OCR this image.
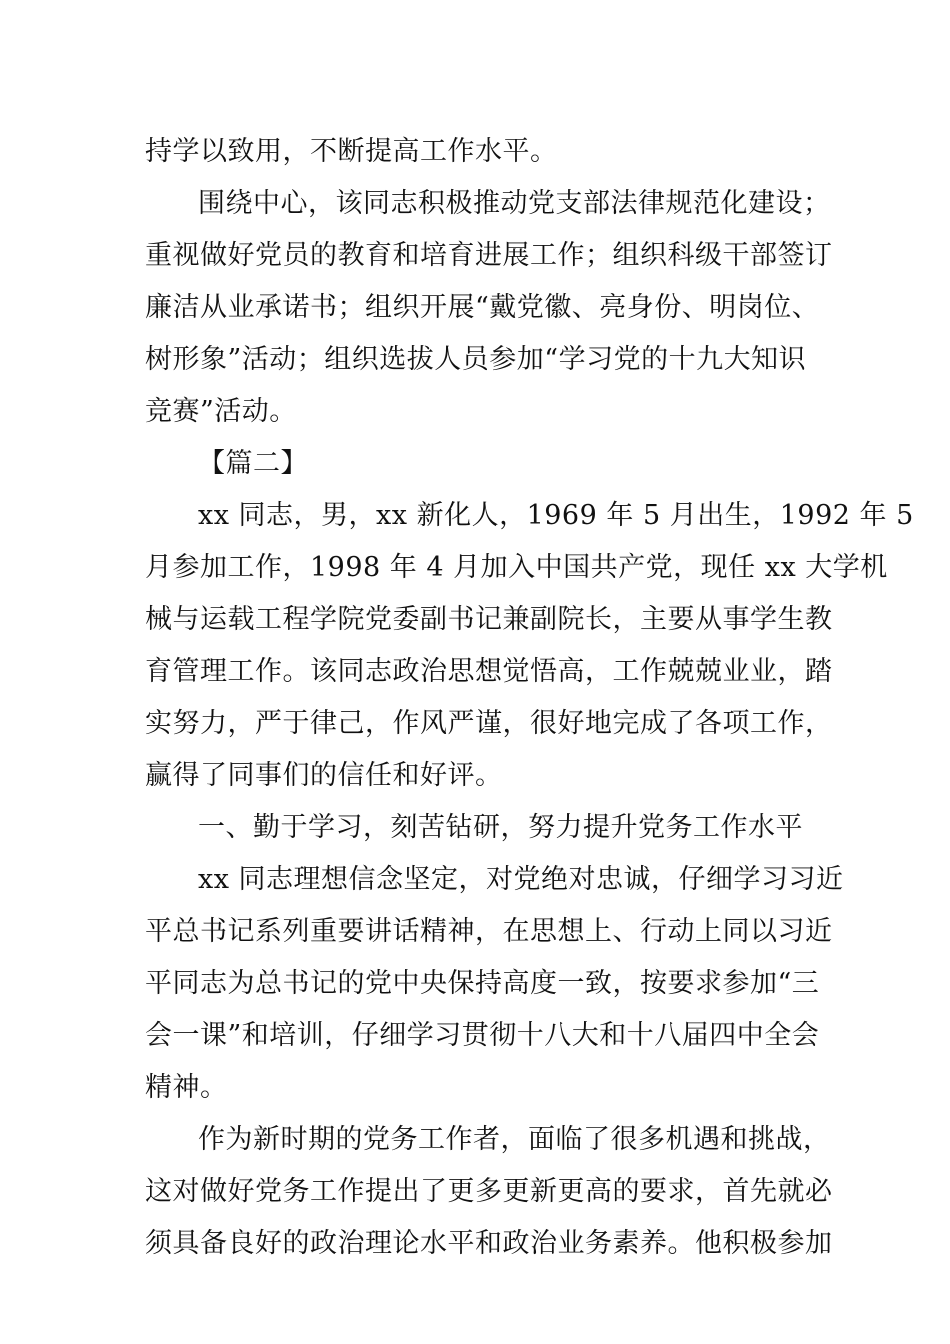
持学以致用，不断提高工作水平。
围绕中心，该同志积极推动党支部法律规范化建设；
重视做好党员的教育和培育进展工作；组织科级干部签订
廉洁从业承诺书；组织开展“戴党徽、亮身份、明岗位、
树形象”活动；组织选拔人员参加“学习党的十九大知识
竞赛”活动。
【篇二】
xx 同志，男，xx 新化人，1969 年 5 月出生，1992 年 5
月参加工作，1998 年 4 月加入中国共产党，现任 xx 大学机
械与运载工程学院党委副书记兼副院长，主要从事学生教
育管理工作。该同志政治思想觉悟高，工作兢兢业业，踏
实努力，严于律己，作风严谨，很好地完成了各项工作，
赢得了同事们的信任和好评。
一、勤于学习，刻苦钻研，努力提升党务工作水平
xx 同志理想信念坚定，对党绝对忠诚，仔细学习习近
平总书记系列重要讲话精神，在思想上、行动上同以习近
平同志为总书记的党中央保持高度一致，按要求参加“三
会一课”和培训，仔细学习贯彻十八大和十八届四中全会
精神。
作为新时期的党务工作者，面临了很多机遇和挑战，
这对做好党务工作提出了更多更新更高的要求，首先就必
须具备良好的政治理论水平和政治业务素养。他积极参加
